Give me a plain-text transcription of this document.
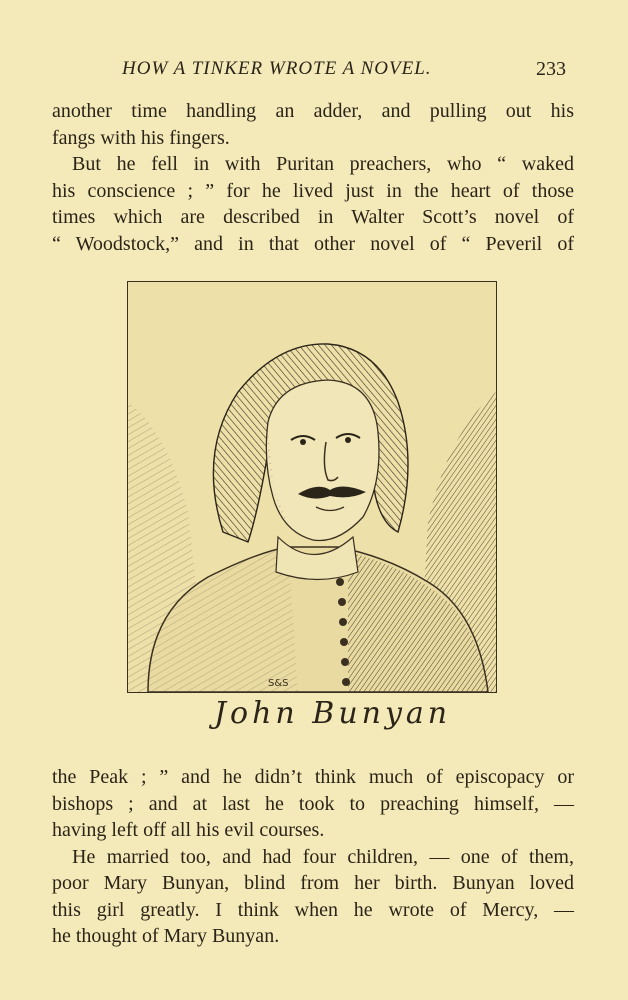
HOW A TINKER WROTE A NOVEL.	233

another time handling an adder, and pulling out his
fangs with his fingers.

But he fell in with Puritan preachers, who “ waked
his conscience ; ” for he lived just in the heart of those
times which are described in Walter Scott’s novel of
“ Woodstock,” and in that other novel of “ Peveril of

S&S
John Bunyan

the Peak ; ” and he didn’t think much of episcopacy or
bishops ; and at last he took to preaching himself, —
having left off all his evil courses.

He married too, and had four children, — one of them,
poor Mary Bunyan, blind from her birth. Bunyan loved
this girl greatly. I think when he wrote of Mercy, —
he thought of Mary Bunyan.
